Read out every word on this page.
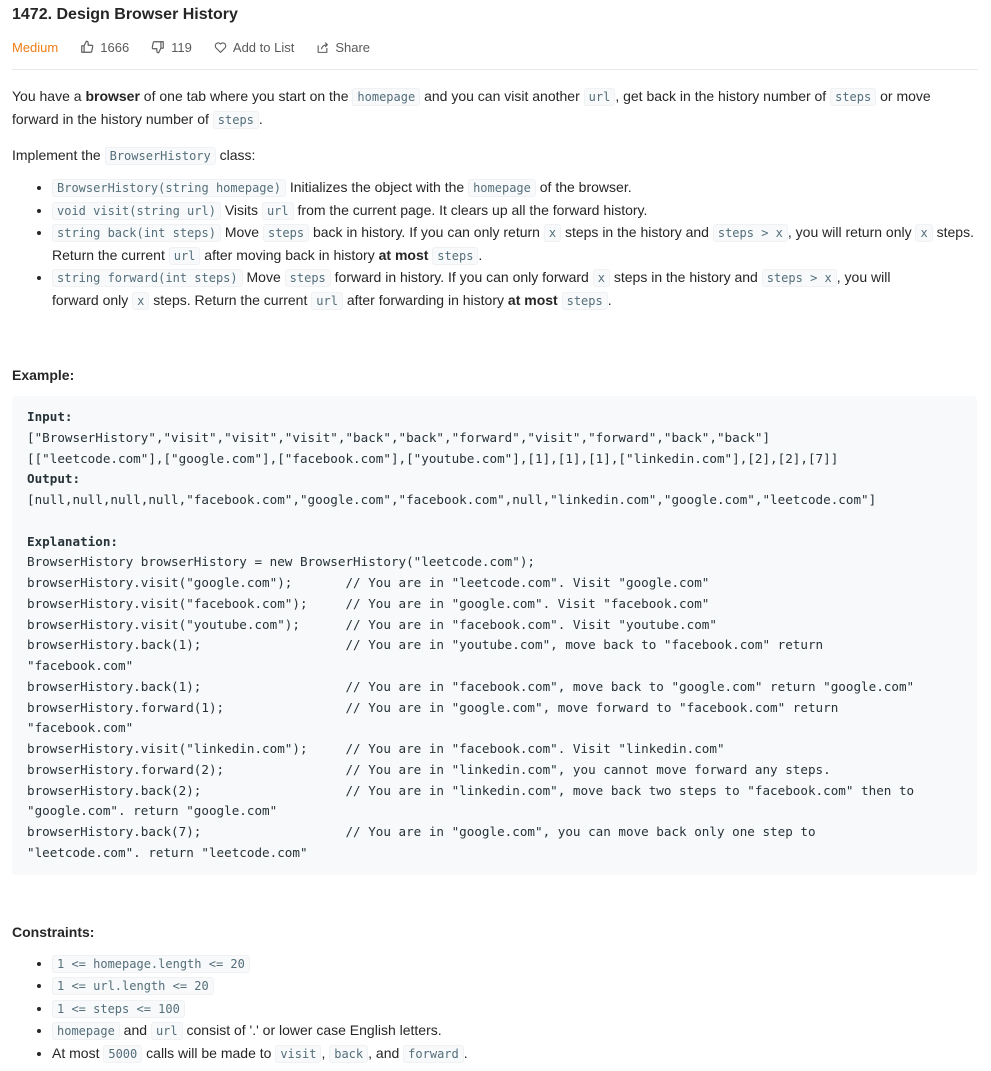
1472. Design Browser History
Medium	1666	119	Add to List	Share

You have a browser of one tab where you start on the homepage and you can visit another url , get back in the history number of steps or move forward in the history number of steps .

Implement the BrowserHistory class:

• BrowserHistory(string homepage) Initializes the object with the homepage of the browser.
• void visit(string url) Visits url from the current page. It clears up all the forward history.
• string back(int steps) Move steps back in history. If you can only return x steps in the history and steps > x , you will return only x steps. Return the current url after moving back in history at most steps .
• string forward(int steps) Move steps forward in history. If you can only forward x steps in the history and steps > x , you will forward only x steps. Return the current url after forwarding in history at most steps .
Example:
Input:
["BrowserHistory","visit","visit","visit","back","back","forward","visit","forward","back","back"]
[["leetcode.com"],["google.com"],["facebook.com"],["youtube.com"],[1],[1],[1],["linkedin.com"],[2],[2],[7]]
Output:
[null,null,null,null,"facebook.com","google.com","facebook.com",null,"linkedin.com","google.com","leetcode.com"]

Explanation:
BrowserHistory browserHistory = new BrowserHistory("leetcode.com");
browserHistory.visit("google.com");       // You are in "leetcode.com". Visit "google.com"
browserHistory.visit("facebook.com");     // You are in "google.com". Visit "facebook.com"
browserHistory.visit("youtube.com");      // You are in "facebook.com". Visit "youtube.com"
browserHistory.back(1);                   // You are in "youtube.com", move back to "facebook.com" return
"facebook.com"
browserHistory.back(1);                   // You are in "facebook.com", move back to "google.com" return "google.com"
browserHistory.forward(1);                // You are in "google.com", move forward to "facebook.com" return
"facebook.com"
browserHistory.visit("linkedin.com");     // You are in "facebook.com". Visit "linkedin.com"
browserHistory.forward(2);                // You are in "linkedin.com", you cannot move forward any steps.
browserHistory.back(2);                   // You are in "linkedin.com", move back two steps to "facebook.com" then to
"google.com". return "google.com"
browserHistory.back(7);                   // You are in "google.com", you can move back only one step to
"leetcode.com". return "leetcode.com"
Constraints:
• 1 <= homepage.length <= 20
• 1 <= url.length <= 20
• 1 <= steps <= 100
• homepage and url consist of '.' or lower case English letters.
• At most 5000 calls will be made to visit , back , and forward .
